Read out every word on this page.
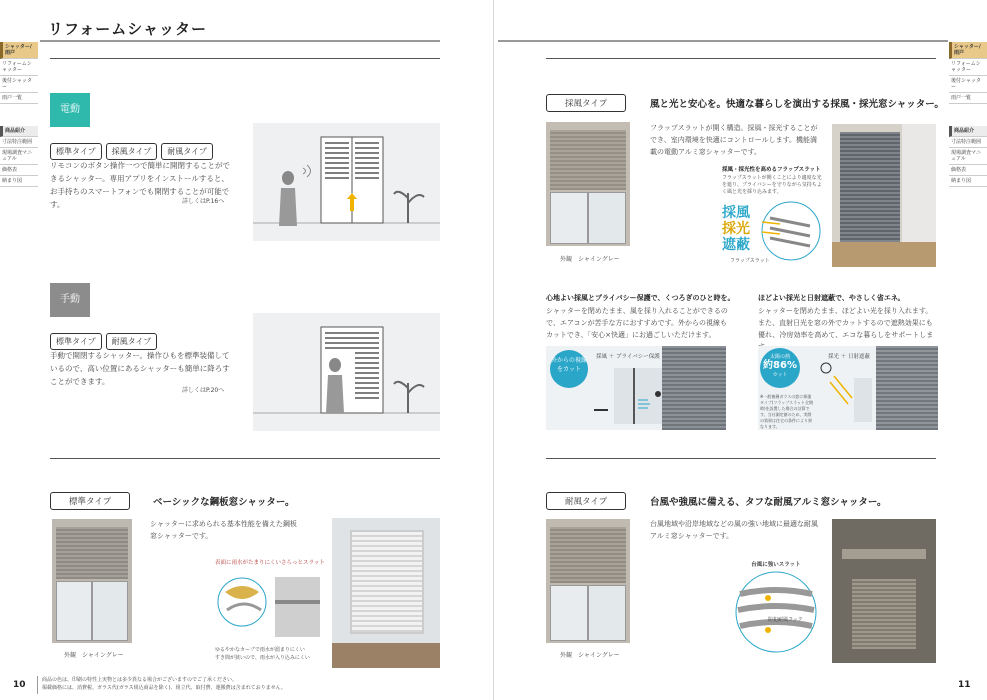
リフォームシャッター
シャッター/雨戸
リフォームシャッター
後付シャッター
雨戸一覧
商品紹介
寸法特注範囲
現場調査マニュアル
価格表
納まり図
シャッター/雨戸
リフォームシャッター
後付シャッター
雨戸一覧
商品紹介
寸法特注範囲
現場調査マニュアル
価格表
納まり図
電動
標準タイプ 採風タイプ 耐風タイプ
リモコンのボタン操作一つで簡単に開閉することができるシャッター。専用アプリをインストールすると、お手持ちのスマートフォンでも開閉することが可能です。	詳しくはP.16へ
手動
標準タイプ 耐風タイプ
手動で開閉するシャッター。操作ひもを標準装備しているので、高い位置にあるシャッターも簡単に降ろすことができます。
詳しくはP.20へ
標準タイプ	ベーシックな鋼板窓シャッター。
外観　シャイングレー
シャッターに求められる基本性能を備えた鋼板窓シャッターです。
表面に雨水がたまりにくいさらっとスラット
ゆるやかなカーブで雨水が溜まりにくい
すき間が狭いので、雨水が入り込みにくい
採風タイプ	風と光と安心を。快適な暮らしを演出する採風・採光窓シャッター。
外観　シャイングレー
フラップスラットが開く構造。採風・採光することができ、室内環境を快適にコントロールします。機能満載の電動アルミ窓シャッターです。
採風・採光性を高めるフラップスラット
フラップスラットが開くことにより適度な光を遮り、プライバシーを守りながら気持ちよく風と光を採り込みます。
採風
採光
遮蔽
フラップスラット
心地よい採風とプライバシー保護で、くつろぎのひと時を。
シャッターを閉めたまま、風を採り入れることができるので、エアコンが苦手な方におすすめです。外からの視線もカットでき、「安心×快適」にお過ごしいただけます。
外からの視線をカット
採風 ＋ プライバシー保護
ほどよい採光と日射遮蔽で、やさしく省エネ。
シャッターを閉めたまま、ほどよい光を採り入れます。また、直射日光を窓の外でカットするので遮熱効果にも優れ、冷房効率を高めて、エコな暮らしをサポートしま
太陽の熱
約86%
カット
採光 ＋ 日射遮蔽
※一般複層ガラスの窓に採風タイプ(フラップスラット全開時)を設置した場合の計算です。当社測定値のため、実際の効果は住宅の条件により異なります。
耐風タイプ	台風や強風に備える、タフな耐風アルミ窓シャッター。
外観　シャイングレー
台風地域や沿岸地域などの風の強い地域に最適な耐風アルミ窓シャッターです。
台風に強いスラット
防犯耐風フック
10	商品の色は、印刷の特性上実物とは多少異なる場合がございますのでご了承ください。
掲載価格には、消費税、ガラス代(ガラス組込商品を除く)、組立代、取付費、運搬費は含まれておりません。	11
